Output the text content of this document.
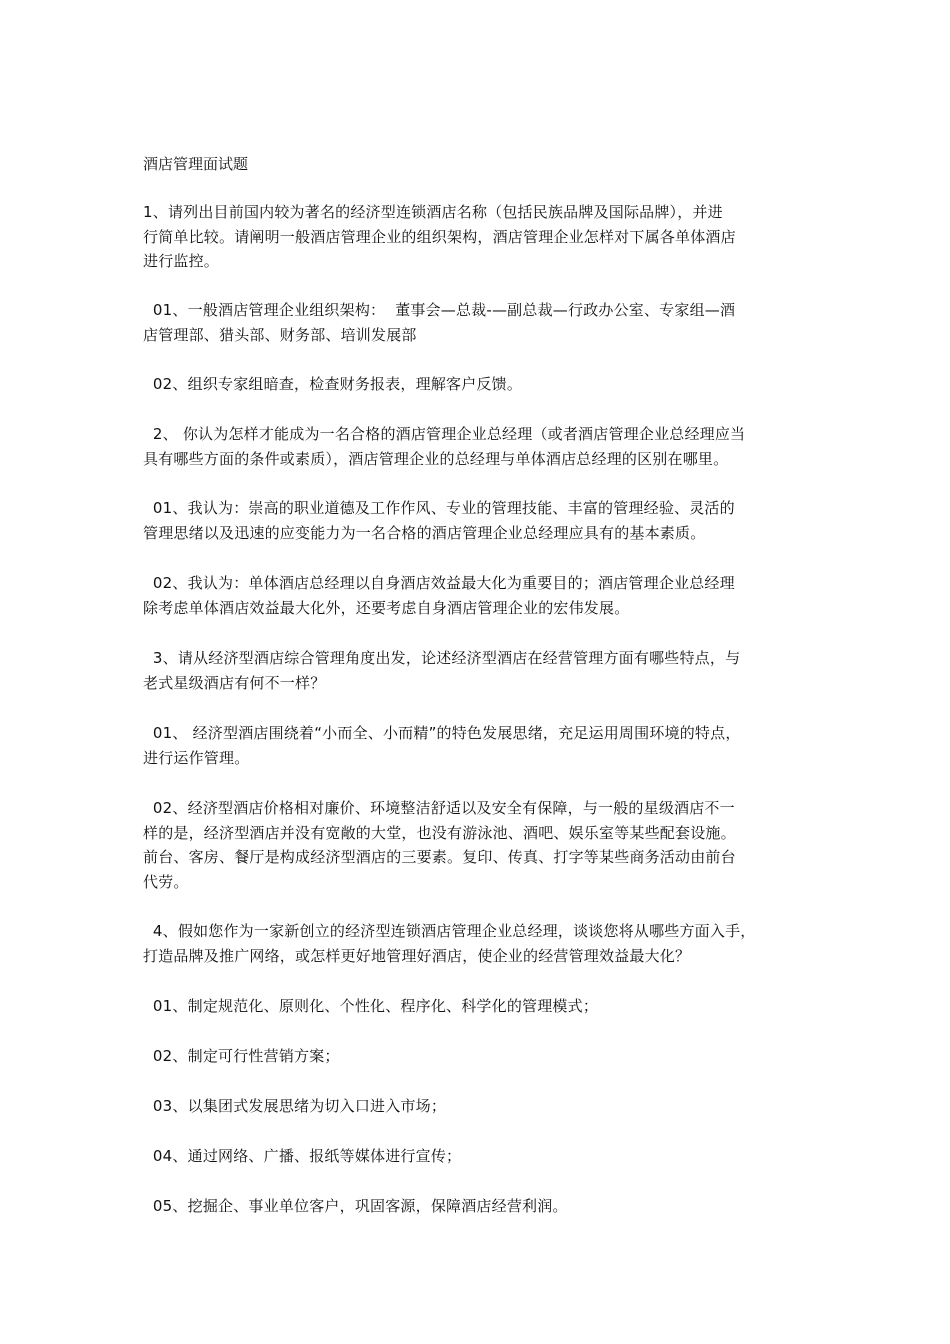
酒店管理面试题
1、请列出目前国内较为著名的经济型连锁酒店名称（包括民族品牌及国际品牌），并进
行简单比较。请阐明一般酒店管理企业的组织架构，酒店管理企业怎样对下属各单体酒店
进行监控。
01、一般酒店管理企业组织架构：  董事会—总裁-—副总裁—行政办公室、专家组—酒
店管理部、猎头部、财务部、培训发展部
02、组织专家组暗查，检查财务报表，理解客户反馈。
2、 你认为怎样才能成为一名合格的酒店管理企业总经理（或者酒店管理企业总经理应当
具有哪些方面的条件或素质），酒店管理企业的总经理与单体酒店总经理的区别在哪里。
01、我认为：崇高的职业道德及工作作风、专业的管理技能、丰富的管理经验、灵活的
管理思绪以及迅速的应变能力为一名合格的酒店管理企业总经理应具有的基本素质。
02、我认为：单体酒店总经理以自身酒店效益最大化为重要目的；酒店管理企业总经理
除考虑单体酒店效益最大化外，还要考虑自身酒店管理企业的宏伟发展。
3、请从经济型酒店综合管理角度出发，论述经济型酒店在经营管理方面有哪些特点，与
老式星级酒店有何不一样？
01、 经济型酒店围绕着“小而全、小而精”的特色发展思绪，充足运用周围环境的特点，
进行运作管理。
02、经济型酒店价格相对廉价、环境整洁舒适以及安全有保障，与一般的星级酒店不一
样的是，经济型酒店并没有宽敞的大堂，也没有游泳池、酒吧、娱乐室等某些配套设施。
前台、客房、餐厅是构成经济型酒店的三要素。复印、传真、打字等某些商务活动由前台
代劳。
4、假如您作为一家新创立的经济型连锁酒店管理企业总经理，谈谈您将从哪些方面入手，
打造品牌及推广网络，或怎样更好地管理好酒店，使企业的经营管理效益最大化？
01、制定规范化、原则化、个性化、程序化、科学化的管理模式；
02、制定可行性营销方案；
03、以集团式发展思绪为切入口进入市场；
04、通过网络、广播、报纸等媒体进行宣传；
05、挖掘企、事业单位客户，巩固客源，保障酒店经营利润。
